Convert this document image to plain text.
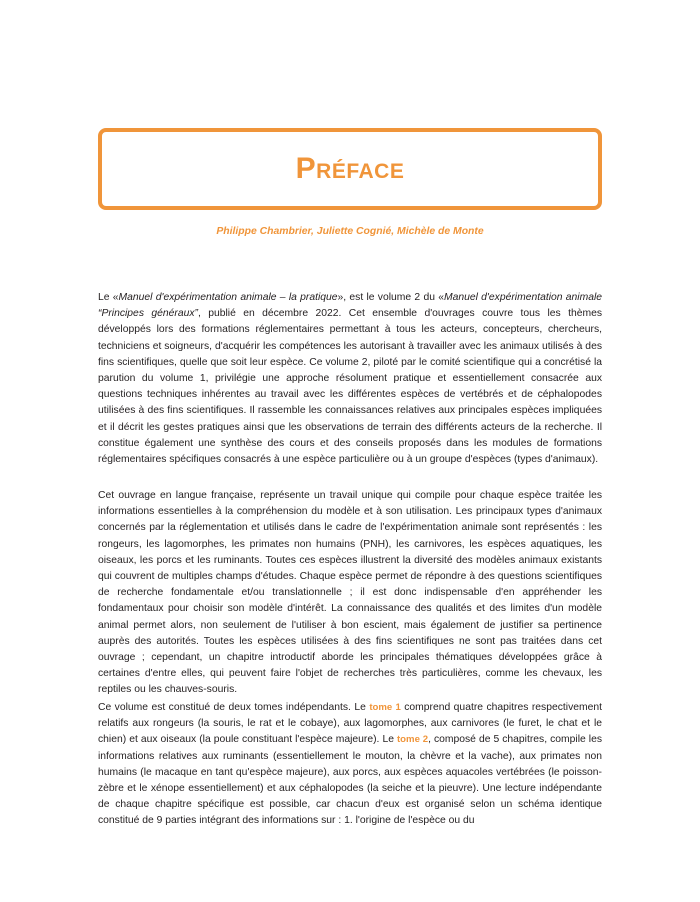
Préface
Philippe Chambrier, Juliette Cognié, Michèle de Monte

Le «Manuel d'expérimentation animale – la pratique», est le volume 2 du «Manuel d'expérimentation animale “Principes généraux”, publié en décembre 2022. Cet ensemble d'ouvrages couvre tous les thèmes développés lors des formations réglementaires permettant à tous les acteurs, concepteurs, chercheurs, techniciens et soigneurs, d'acquérir les compétences les autorisant à travailler avec les animaux utilisés à des fins scientifiques, quelle que soit leur espèce. Ce volume 2, piloté par le comité scientifique qui a concrétisé la parution du volume 1, privilégie une approche résolument pratique et essentiellement consacrée aux questions techniques inhérentes au travail avec les différentes espèces de vertébrés et de céphalopodes utilisées à des fins scientifiques. Il rassemble les connaissances relatives aux principales espèces impliquées et il décrit les gestes pratiques ainsi que les observations de terrain des différents acteurs de la recherche. Il constitue également une synthèse des cours et des conseils proposés dans les modules de formations réglementaires spécifiques consacrés à une espèce particulière ou à un groupe d'espèces (types d'animaux).

Cet ouvrage en langue française, représente un travail unique qui compile pour chaque espèce traitée les informations essentielles à la compréhension du modèle et à son utilisation. Les principaux types d'animaux concernés par la réglementation et utilisés dans le cadre de l'expérimentation animale sont représentés : les rongeurs, les lagomorphes, les primates non humains (PNH), les carnivores, les espèces aquatiques, les oiseaux, les porcs et les ruminants. Toutes ces espèces illustrent la diversité des modèles animaux existants qui couvrent de multiples champs d'études. Chaque espèce permet de répondre à des questions scientifiques de recherche fondamentale et/ou translationnelle ; il est donc indispensable d'en appréhender les fondamentaux pour choisir son modèle d'intérêt. La connaissance des qualités et des limites d'un modèle animal permet alors, non seulement de l'utiliser à bon escient, mais également de justifier sa pertinence auprès des autorités. Toutes les espèces utilisées à des fins scientifiques ne sont pas traitées dans cet ouvrage ; cependant, un chapitre introductif aborde les principales thématiques développées grâce à certaines d'entre elles, qui peuvent faire l'objet de recherches très particulières, comme les chevaux, les reptiles ou les chauves-souris.

Ce volume est constitué de deux tomes indépendants. Le tome 1 comprend quatre chapitres respectivement relatifs aux rongeurs (la souris, le rat et le cobaye), aux lagomorphes, aux carnivores (le furet, le chat et le chien) et aux oiseaux (la poule constituant l'espèce majeure). Le tome 2, composé de 5 chapitres, compile les informations relatives aux ruminants (essentiellement le mouton, la chèvre et la vache), aux primates non humains (le macaque en tant qu'espèce majeure), aux porcs, aux espèces aquacoles vertébrées (le poisson-zèbre et le xénope essentiellement) et aux céphalopodes (la seiche et la pieuvre). Une lecture indépendante de chaque chapitre spécifique est possible, car chacun d'eux est organisé selon un schéma identique constitué de 9 parties intégrant des informations sur : 1. l'origine de l'espèce ou du
